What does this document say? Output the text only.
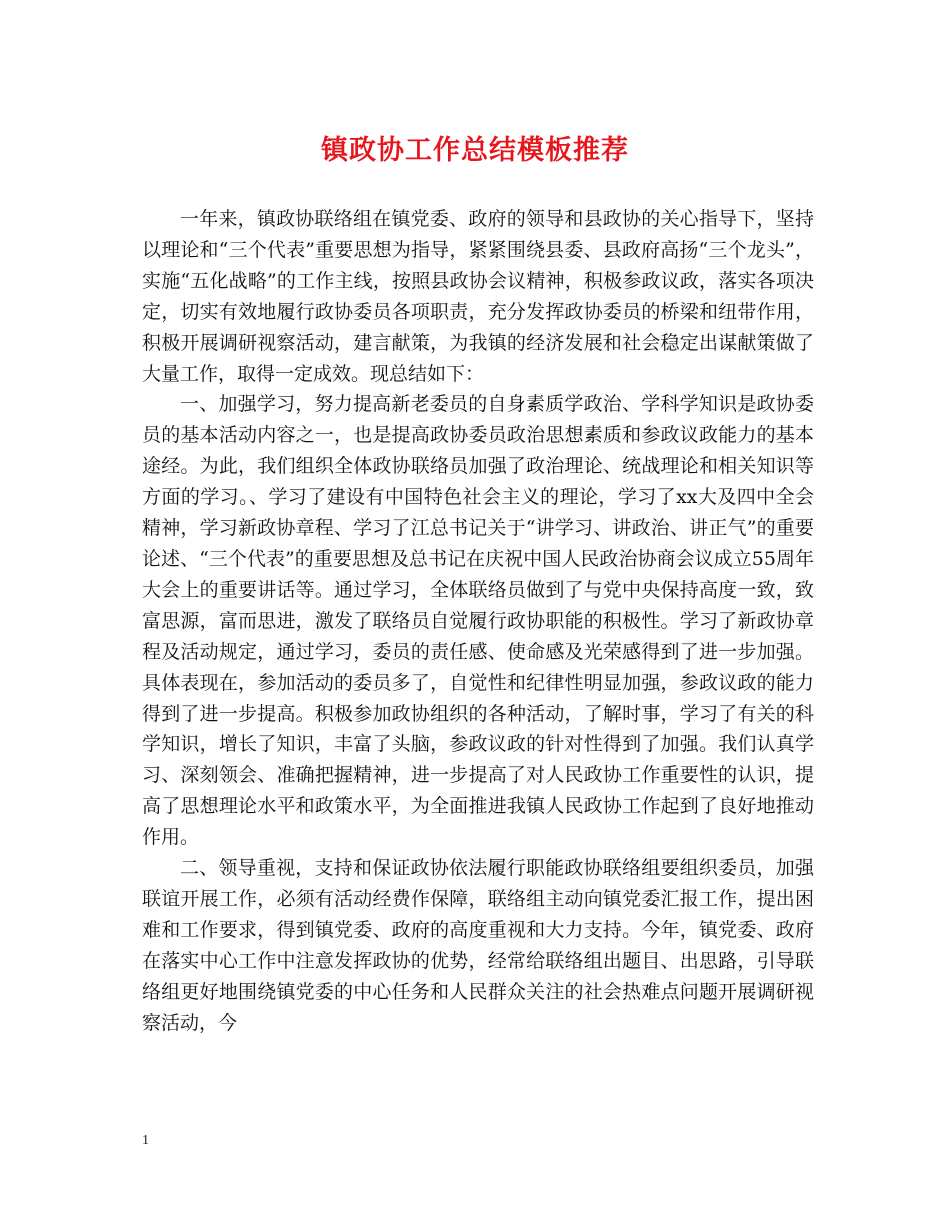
镇政协工作总结模板推荐

一年来，镇政协联络组在镇党委、政府的领导和县政协的关心指导下，坚持以理论和“三个代表”重要思想为指导，紧紧围绕县委、县政府高扬“三个龙头”，实施“五化战略”的工作主线，按照县政协会议精神，积极参政议政，落实各项决定，切实有效地履行政协委员各项职责，充分发挥政协委员的桥梁和纽带作用，积极开展调研视察活动，建言献策，为我镇的经济发展和社会稳定出谋献策做了大量工作，取得一定成效。现总结如下：

一、加强学习，努力提高新老委员的自身素质学政治、学科学知识是政协委员的基本活动内容之一，也是提高政协委员政治思想素质和参政议政能力的基本途经。为此，我们组织全体政协联络员加强了政治理论、统战理论和相关知识等方面的学习。、学习了建设有中国特色社会主义的理论，学习了xx大及四中全会精神，学习新政协章程、学习了江总书记关于“讲学习、讲政治、讲正气”的重要论述、“三个代表”的重要思想及总书记在庆祝中国人民政治协商会议成立55周年大会上的重要讲话等。通过学习，全体联络员做到了与党中央保持高度一致，致富思源，富而思进，激发了联络员自觉履行政协职能的积极性。学习了新政协章程及活动规定，通过学习，委员的责任感、使命感及光荣感得到了进一步加强。具体表现在，参加活动的委员多了，自觉性和纪律性明显加强，参政议政的能力得到了进一步提高。积极参加政协组织的各种活动，了解时事，学习了有关的科学知识，增长了知识，丰富了头脑，参政议政的针对性得到了加强。我们认真学习、深刻领会、准确把握精神，进一步提高了对人民政协工作重要性的认识，提高了思想理论水平和政策水平，为全面推进我镇人民政协工作起到了良好地推动作用。

二、领导重视，支持和保证政协依法履行职能政协联络组要组织委员，加强联谊开展工作，必须有活动经费作保障，联络组主动向镇党委汇报工作，提出困难和工作要求，得到镇党委、政府的高度重视和大力支持。今年，镇党委、政府在落实中心工作中注意发挥政协的优势，经常给联络组出题目、出思路，引导联络组更好地围绕镇党委的中心任务和人民群众关注的社会热难点问题开展调研视察活动，今

1
